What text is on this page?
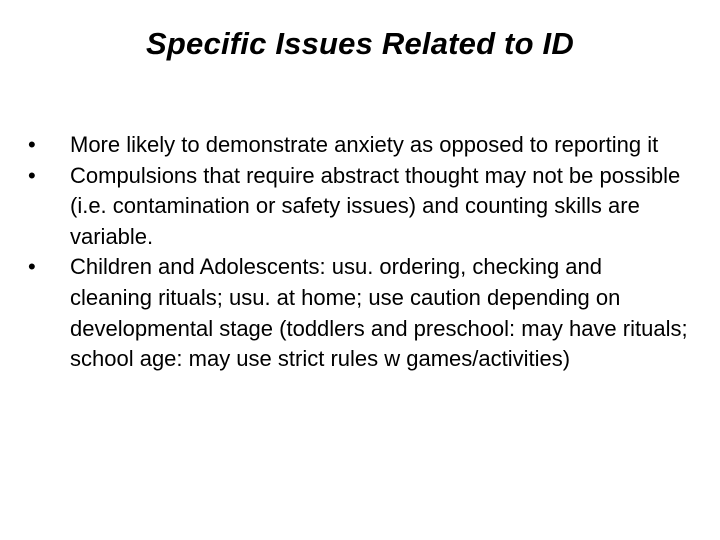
Specific Issues Related to ID
•	More likely to demonstrate anxiety as opposed to reporting it
•	Compulsions that require abstract thought may not be possible (i.e. contamination or safety issues) and counting skills are variable.
•	Children and Adolescents: usu. ordering, checking and cleaning rituals; usu. at home; use caution depending on developmental stage (toddlers and preschool: may have rituals; school age: may use strict rules w games/activities)
